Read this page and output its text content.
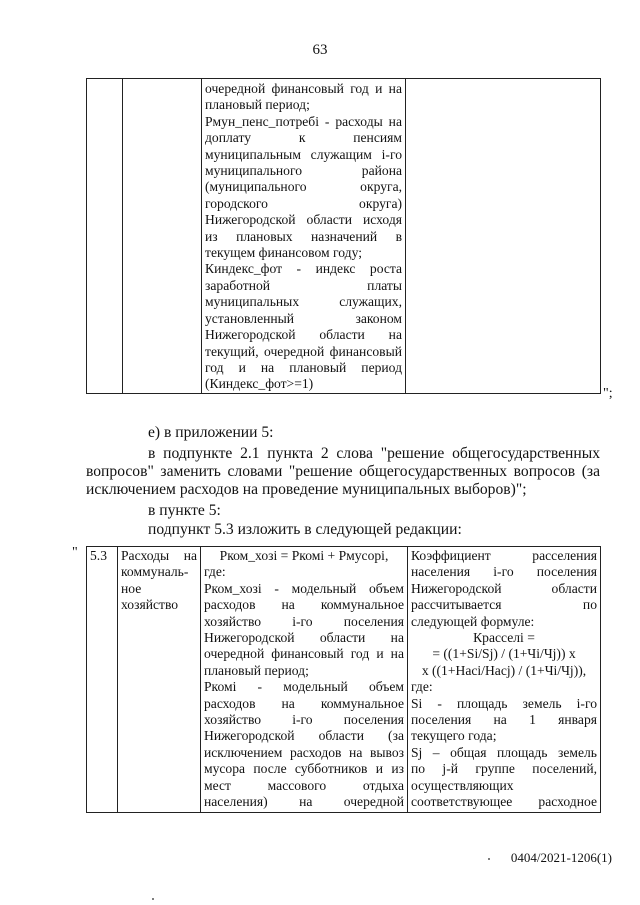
63

очередной финансовый год и на
плановый период;
Рмун_пенс_потребі - расходы на
доплату к пенсиям
муниципальным служащим і-го
муниципального района
(муниципального округа,
городского округа)
Нижегородской области исходя
из плановых назначений в
текущем финансовом году;
Киндекс_фот - индекс роста
заработной платы
муниципальных служащих,
установленный законом
Нижегородской области на
текущий, очередной финансовый
год и на плановый период
(Киндекс_фот>=1)

";
е) в приложении 5:
в подпункте 2.1 пункта 2 слова "решение общегосударственных
вопросов" заменить словами "решение общегосударственных вопросов (за
исключением расходов на проведение муниципальных выборов)";
в пункте 5:
подпункт 5.3 изложить в следующей редакции:
" 5.3	Расходы на
коммуналь-
ное
хозяйство

Рком_хозі = Ркомі + Рмусорі,
где:
Рком_хозі - модельный объем
расходов на коммунальное
хозяйство і-го поселения
Нижегородской области на
очередной финансовый год и на
плановый период;
Ркомі - модельный объем
расходов на коммунальное
хозяйство і-го поселения
Нижегородской области (за
исключением расходов на вывоз
мусора после субботников и из
мест массового отдыха
населения) на очередной

Коэффициент расселения
населения і-го поселения
Нижегородской области
рассчитывается по
следующей формуле:
Красселі =
= ((1+Si/Sj) / (1+Чі/Чj)) х
х ((1+Насі/Насj) / (1+Чі/Чj)),
где:
Si - площадь земель і-го
поселения на 1 января
текущего года;
Sj – общая площадь земель
по j-й группе поселений,
осуществляющих
соответствующее расходное
0404/2021-1206(1)
